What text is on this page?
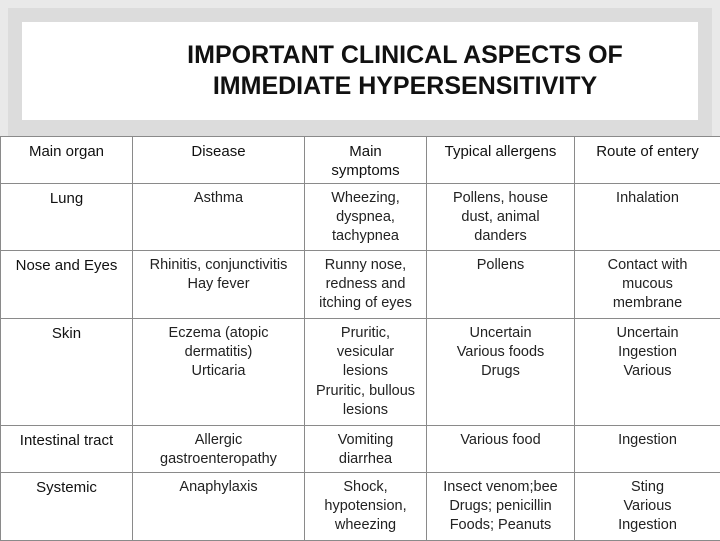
IMPORTANT CLINICAL ASPECTS OF
IMMEDIATE HYPERSENSITIVITY
Main organ	Disease	Main
symptoms	Typical allergens	Route of entery

Lung	Asthma	Wheezing,
dyspnea,
tachypnea	Pollens, house
dust, animal
danders	Inhalation

Nose and Eyes	Rhinitis, conjunctivitis
Hay fever	Runny nose,
redness and
itching of eyes	Pollens	Contact with
mucous
membrane

Skin	Eczema (atopic
dermatitis)
Urticaria	Pruritic,
vesicular
lesions
Pruritic, bullous
lesions	Uncertain
Various foods
Drugs	Uncertain
Ingestion
Various

Intestinal tract	Allergic
gastroenteropathy	Vomiting
diarrhea	Various food	Ingestion

Systemic	Anaphylaxis	Shock,
hypotension,
wheezing	Insect venom;bee
Drugs; penicillin
Foods; Peanuts	Sting
Various
Ingestion
